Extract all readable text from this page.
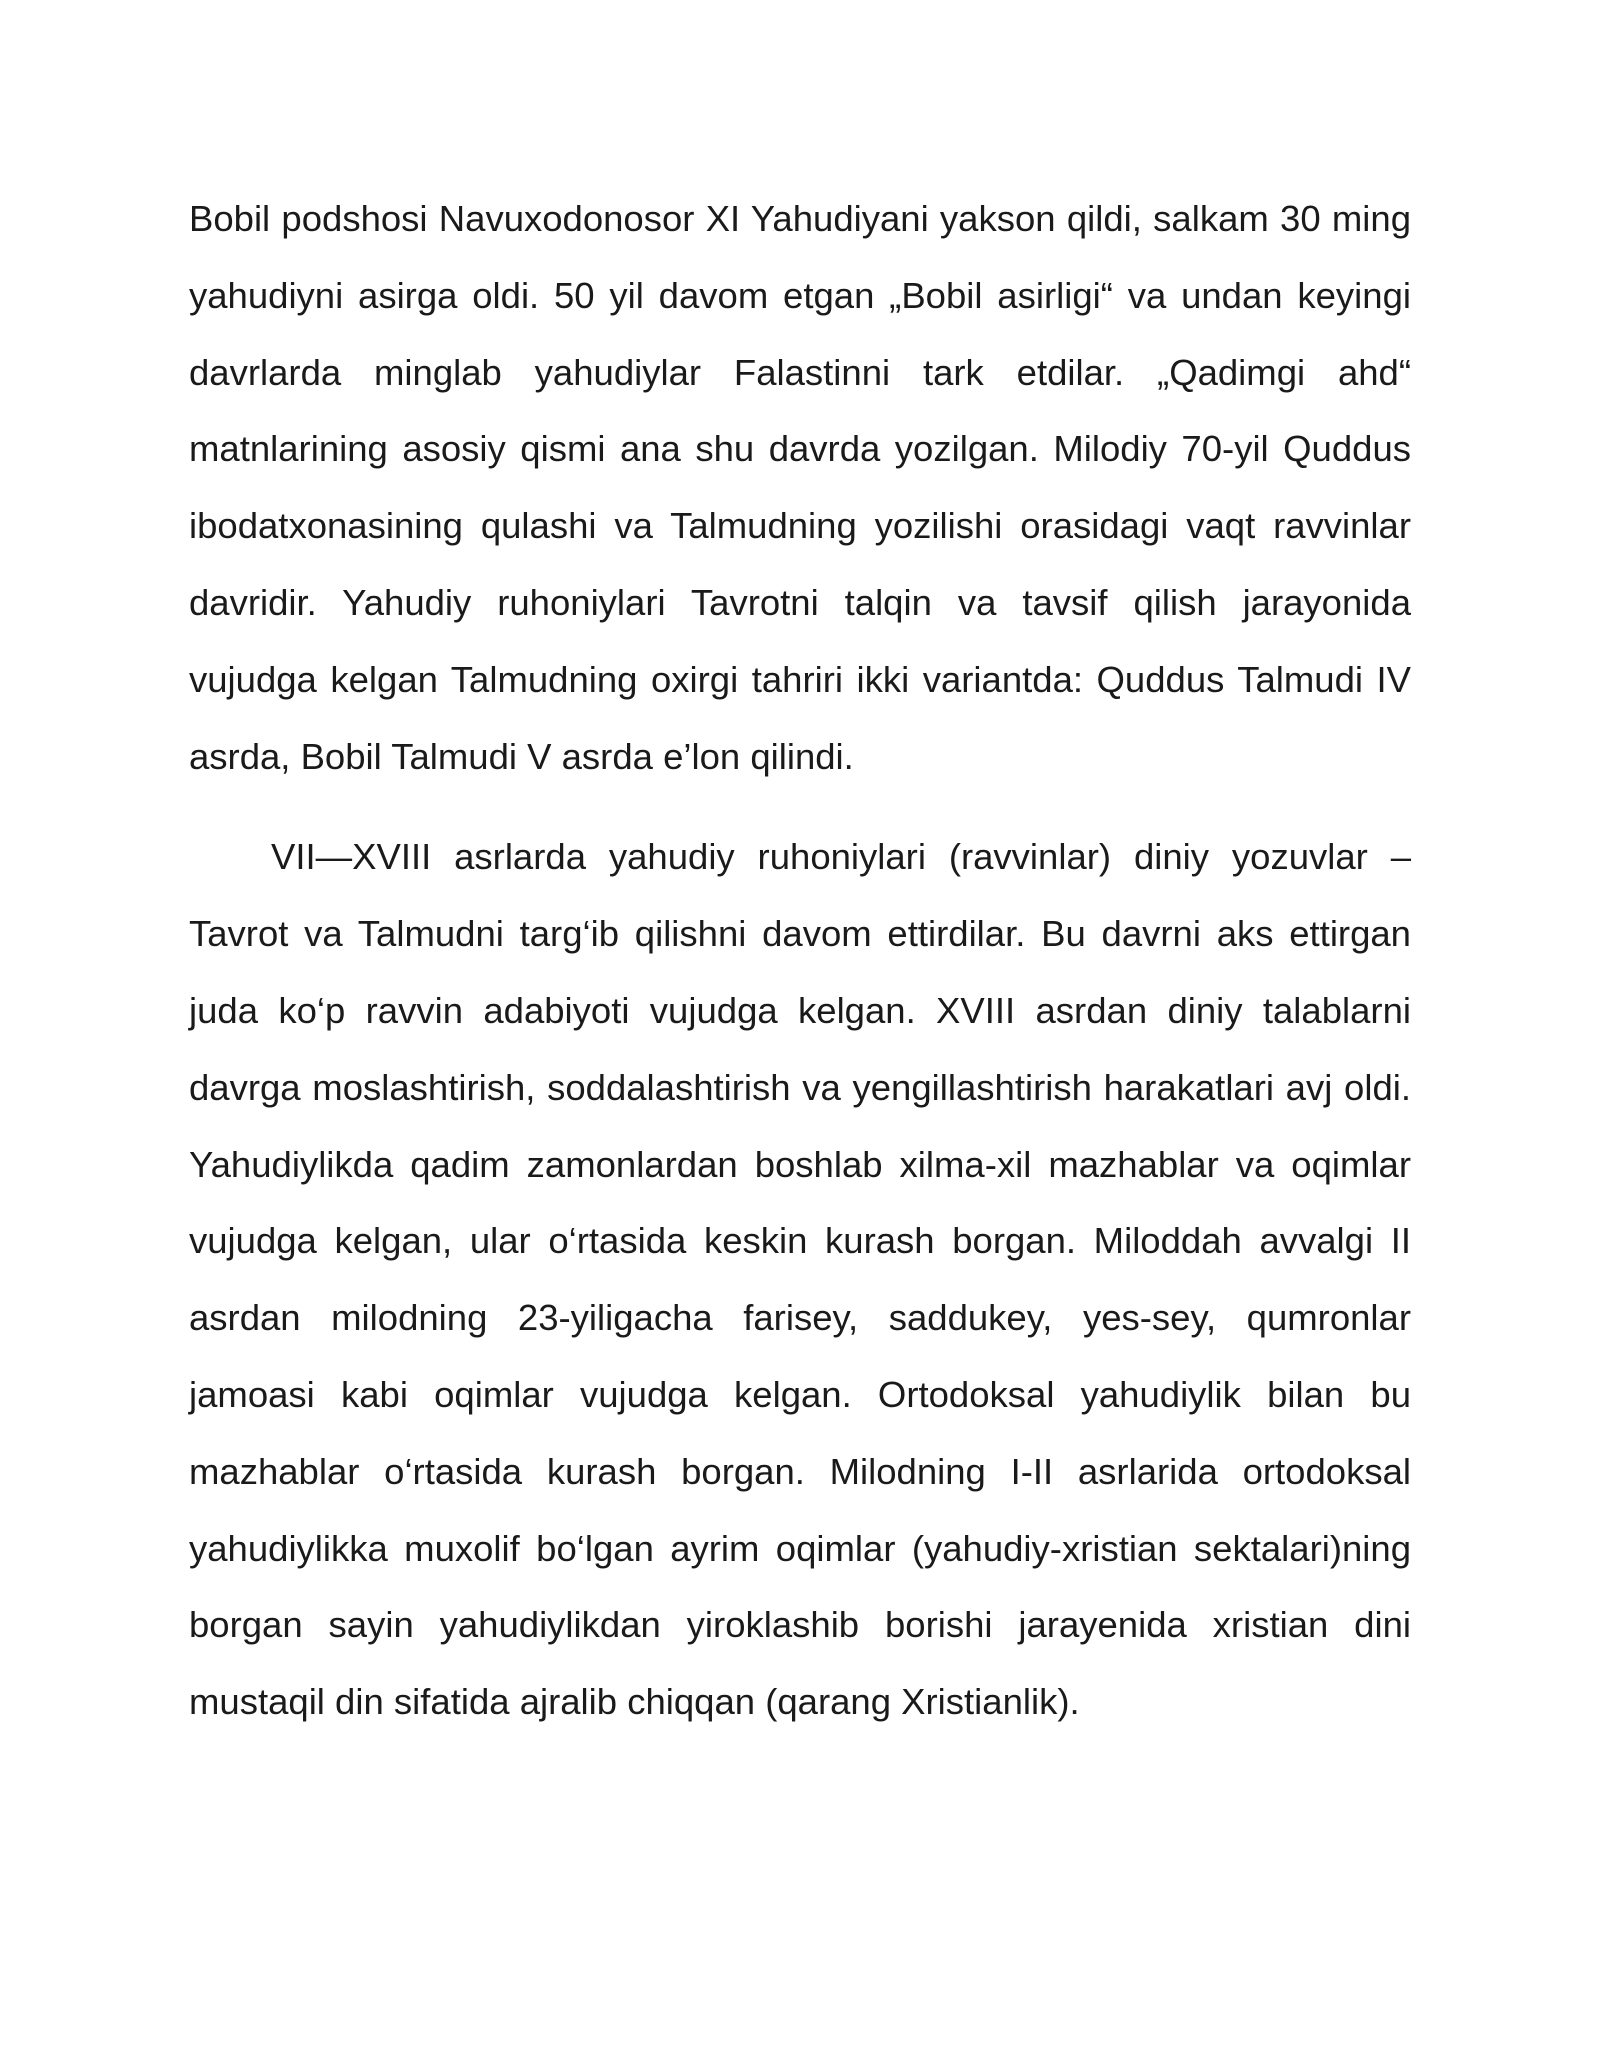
Bobil podshosi Navuxodonosor XI Yahudiyani yakson qildi, salkam 30 ming yahudiyni asirga oldi. 50 yil davom etgan „Bobil asirligi“ va undan keyingi davrlarda minglab yahudiylar Falastinni tark etdilar. „Qadimgi ahd“ matnlarining asosiy qismi ana shu davrda yozilgan. Milodiy 70-yil Quddus ibodatxonasining qulashi va Talmudning yozilishi orasidagi vaqt ravvinlar davridir. Yahudiy ruhoniylari Tavrotni talqin va tavsif qilish jarayonida vujudga kelgan Talmudning oxirgi tahriri ikki variantda: Quddus Talmudi IV asrda, Bobil Talmudi V asrda e’lon qilindi.

VII—XVIII asrlarda yahudiy ruhoniylari (ravvinlar) diniy yozuvlar – Tavrot va Talmudni targ‘ib qilishni davom ettirdilar. Bu davrni aks ettirgan juda ko‘p ravvin adabiyoti vujudga kelgan. XVIII asrdan diniy talablarni davrga moslashtirish, soddalashtirish va yengillashtirish harakatlari avj oldi.    Yahudiylikda qadim zamonlardan boshlab xilma-xil mazhablar va oqimlar vujudga kelgan, ular o‘rtasida keskin kurash borgan. Miloddah avvalgi II asrdan milodning 23-yiligacha farisey, saddukey, yes-sey, qumronlar jamoasi kabi oqimlar vujudga kelgan. Ortodoksal yahudiylik bilan bu mazhablar o‘rtasida kurash borgan. Milodning I-II asrlarida ortodoksal yahudiylikka muxolif bo‘lgan ayrim oqimlar (yahudiy-xristian sektalari)ning borgan sayin yahudiylikdan yiroklashib borishi jarayenida xristian dini mustaqil din sifatida ajralib chiqqan (qarang Xristianlik).
